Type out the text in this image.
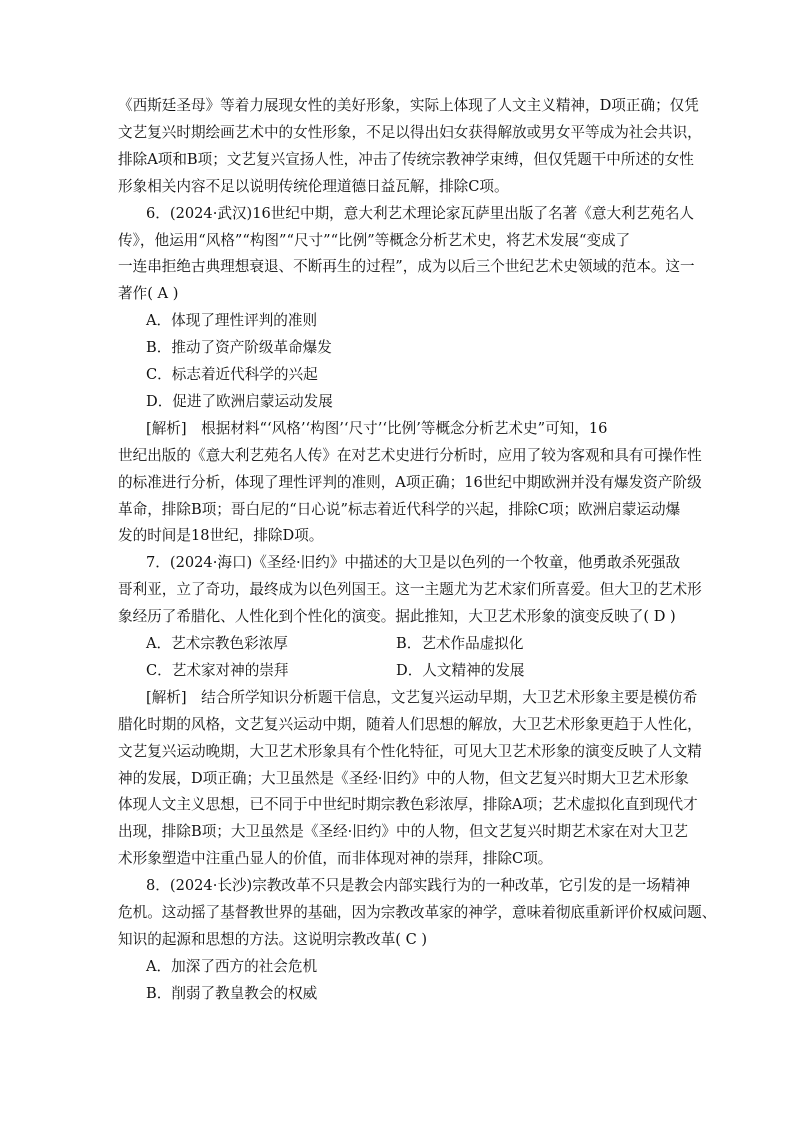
《西斯廷圣母》等着力展现女性的美好形象，实际上体现了人文主义精神，D项正确；仅凭
文艺复兴时期绘画艺术中的女性形象，不足以得出妇女获得解放或男女平等成为社会共识，
排除A项和B项；文艺复兴宣扬人性，冲击了传统宗教神学束缚，但仅凭题干中所述的女性
形象相关内容不足以说明传统伦理道德日益瓦解，排除C项。
6．(2024·武汉)16世纪中期，意大利艺术理论家瓦萨里出版了名著《意大利艺苑名人
传》，他运用“风格”“构图”“尺寸”“比例”等概念分析艺术史，将艺术发展“变成了
一连串拒绝古典理想衰退、不断再生的过程”，成为以后三个世纪艺术史领域的范本。这一
著作( A )
A．体现了理性评判的准则
B．推动了资产阶级革命爆发
C．标志着近代科学的兴起
D．促进了欧洲启蒙运动发展
[解析]　根据材料“‘风格’‘构图’‘尺寸’‘比例’等概念分析艺术史”可知，16
世纪出版的《意大利艺苑名人传》在对艺术史进行分析时，应用了较为客观和具有可操作性
的标准进行分析，体现了理性评判的准则，A项正确；16世纪中期欧洲并没有爆发资产阶级
革命，排除B项；哥白尼的“日心说”标志着近代科学的兴起，排除C项；欧洲启蒙运动爆
发的时间是18世纪，排除D项。
7．(2024·海口)《圣经·旧约》中描述的大卫是以色列的一个牧童，他勇敢杀死强敌
哥利亚，立了奇功，最终成为以色列国王。这一主题尤为艺术家们所喜爱。但大卫的艺术形
象经历了希腊化、人性化到个性化的演变。据此推知，大卫艺术形象的演变反映了( D )
A．艺术宗教色彩浓厚	B．艺术作品虚拟化
C．艺术家对神的崇拜	D．人文精神的发展
[解析]　结合所学知识分析题干信息，文艺复兴运动早期，大卫艺术形象主要是模仿希
腊化时期的风格，文艺复兴运动中期，随着人们思想的解放，大卫艺术形象更趋于人性化，
文艺复兴运动晚期，大卫艺术形象具有个性化特征，可见大卫艺术形象的演变反映了人文精
神的发展，D项正确；大卫虽然是《圣经·旧约》中的人物，但文艺复兴时期大卫艺术形象
体现人文主义思想，已不同于中世纪时期宗教色彩浓厚，排除A项；艺术虚拟化直到现代才
出现，排除B项；大卫虽然是《圣经·旧约》中的人物，但文艺复兴时期艺术家在对大卫艺
术形象塑造中注重凸显人的价值，而非体现对神的崇拜，排除C项。
8．(2024·长沙)宗教改革不只是教会内部实践行为的一种改革，它引发的是一场精神
危机。这动摇了基督教世界的基础，因为宗教改革家的神学，意味着彻底重新评价权威问题、
知识的起源和思想的方法。这说明宗教改革( C )
A．加深了西方的社会危机
B．削弱了教皇教会的权威
